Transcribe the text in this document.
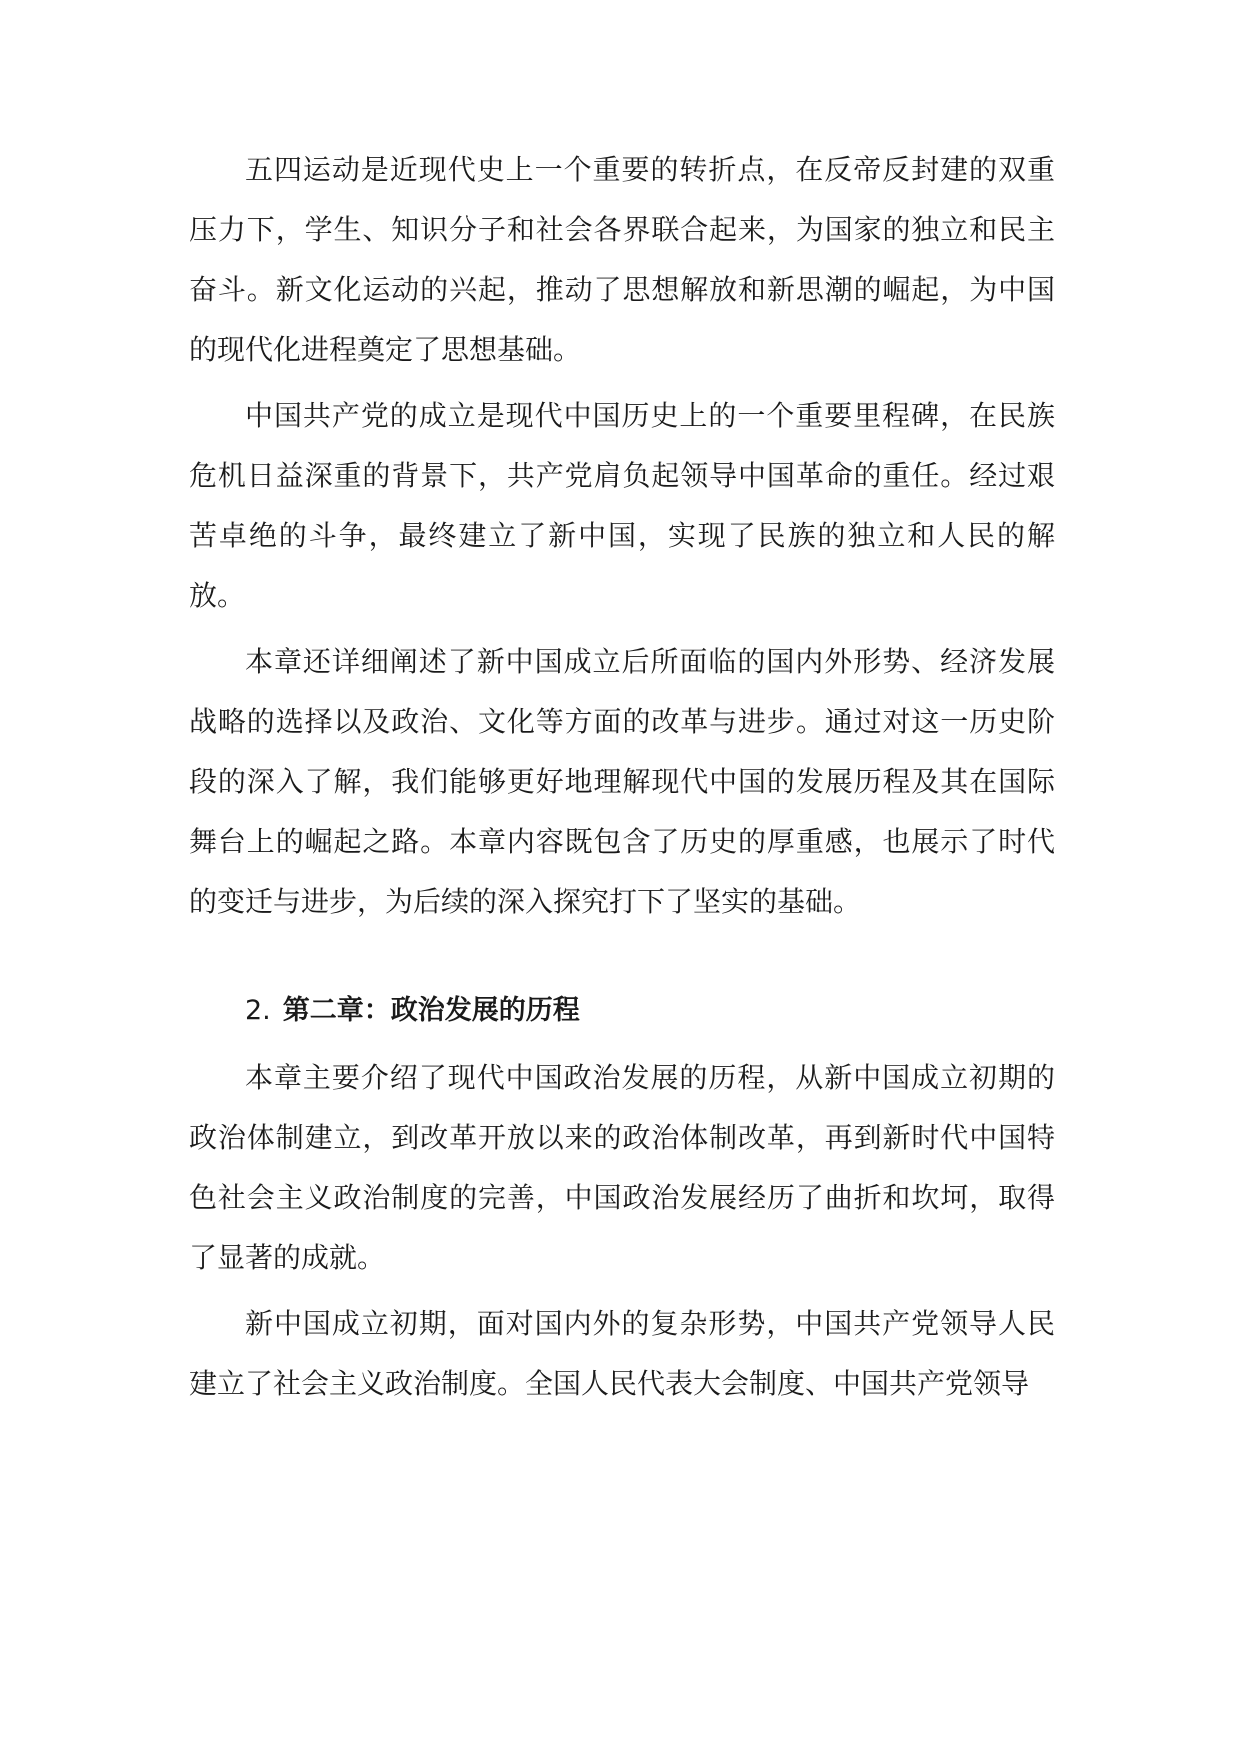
五四运动是近现代史上一个重要的转折点，在反帝反封建的双重压力下，学生、知识分子和社会各界联合起来，为国家的独立和民主奋斗。新文化运动的兴起，推动了思想解放和新思潮的崛起，为中国的现代化进程奠定了思想基础。

中国共产党的成立是现代中国历史上的一个重要里程碑，在民族危机日益深重的背景下，共产党肩负起领导中国革命的重任。经过艰苦卓绝的斗争，最终建立了新中国，实现了民族的独立和人民的解放。

本章还详细阐述了新中国成立后所面临的国内外形势、经济发展战略的选择以及政治、文化等方面的改革与进步。通过对这一历史阶段的深入了解，我们能够更好地理解现代中国的发展历程及其在国际舞台上的崛起之路。本章内容既包含了历史的厚重感，也展示了时代的变迁与进步，为后续的深入探究打下了坚实的基础。

2. 第二章：政治发展的历程

本章主要介绍了现代中国政治发展的历程，从新中国成立初期的政治体制建立，到改革开放以来的政治体制改革，再到新时代中国特色社会主义政治制度的完善，中国政治发展经历了曲折和坎坷，取得了显著的成就。

新中国成立初期，面对国内外的复杂形势，中国共产党领导人民建立了社会主义政治制度。全国人民代表大会制度、中国共产党领导
